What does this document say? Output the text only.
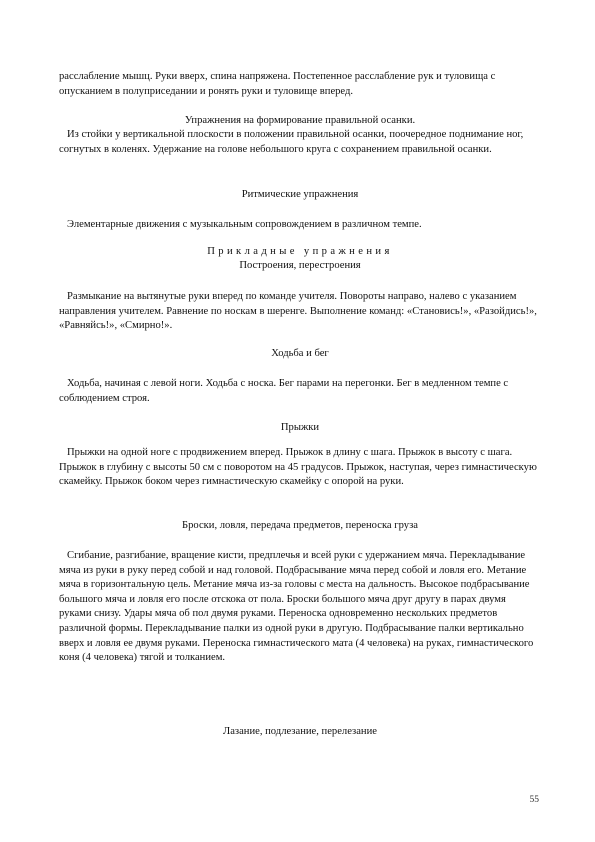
расслабление мышц. Руки вверх, спина напряжена. Постепенное расслабление рук и туловища с опусканием в полуприседании и ронять руки и туловище вперед.
Упражнения на формирование правильной осанки.
Из стойки у вертикальной плоскости в положении правильной осанки, поочередное поднимание ног, согнутых в коленях. Удержание на голове небольшого круга с сохранением правильной осанки.
Ритмические упражнения
Элементарные движения с музыкальным сопровождением в различном темпе.
Прикладные упражнения
Построения, перестроения
Размыкание на вытянутые руки вперед по команде учителя. Повороты направо, налево с указанием направления учителем. Равнение по носкам в шеренге. Выполнение команд: «Становись!», «Разойдись!», «Равняйсь!», «Смирно!».
Ходьба и бег
Ходьба, начиная с левой ноги. Ходьба с носка. Бег парами на перегонки. Бег в медленном темпе с соблюдением строя.
Прыжки
Прыжки на одной ноге с продвижением вперед. Прыжок в длину с шага. Прыжок в высоту с шага. Прыжок в глубину с высоты 50 см с поворотом на 45 градусов. Прыжок, наступая, через гимнастическую скамейку. Прыжок боком через гимнастическую скамейку с опорой на руки.
Броски, ловля, передача предметов, переноска груза
Сгибание, разгибание, вращение кисти, предплечья и всей руки с удержанием мяча. Перекладывание мяча из руки в руку перед собой и над головой. Подбрасывание мяча перед собой и ловля его. Метание мяча в горизонтальную цель. Метание мяча из-за головы с места на дальность. Высокое подбрасывание большого мяча и ловля его после отскока от пола. Броски большого мяча друг другу в парах двумя руками снизу. Удары мяча об пол двумя руками. Переноска одновременно нескольких предметов различной формы. Перекладывание палки из одной руки в другую. Подбрасывание палки вертикально вверх и ловля ее двумя руками. Переноска гимнастического мата (4 человека) на руках, гимнастического коня (4 человека) тягой и толканием.
Лазание, подлезание, перелезание
55
